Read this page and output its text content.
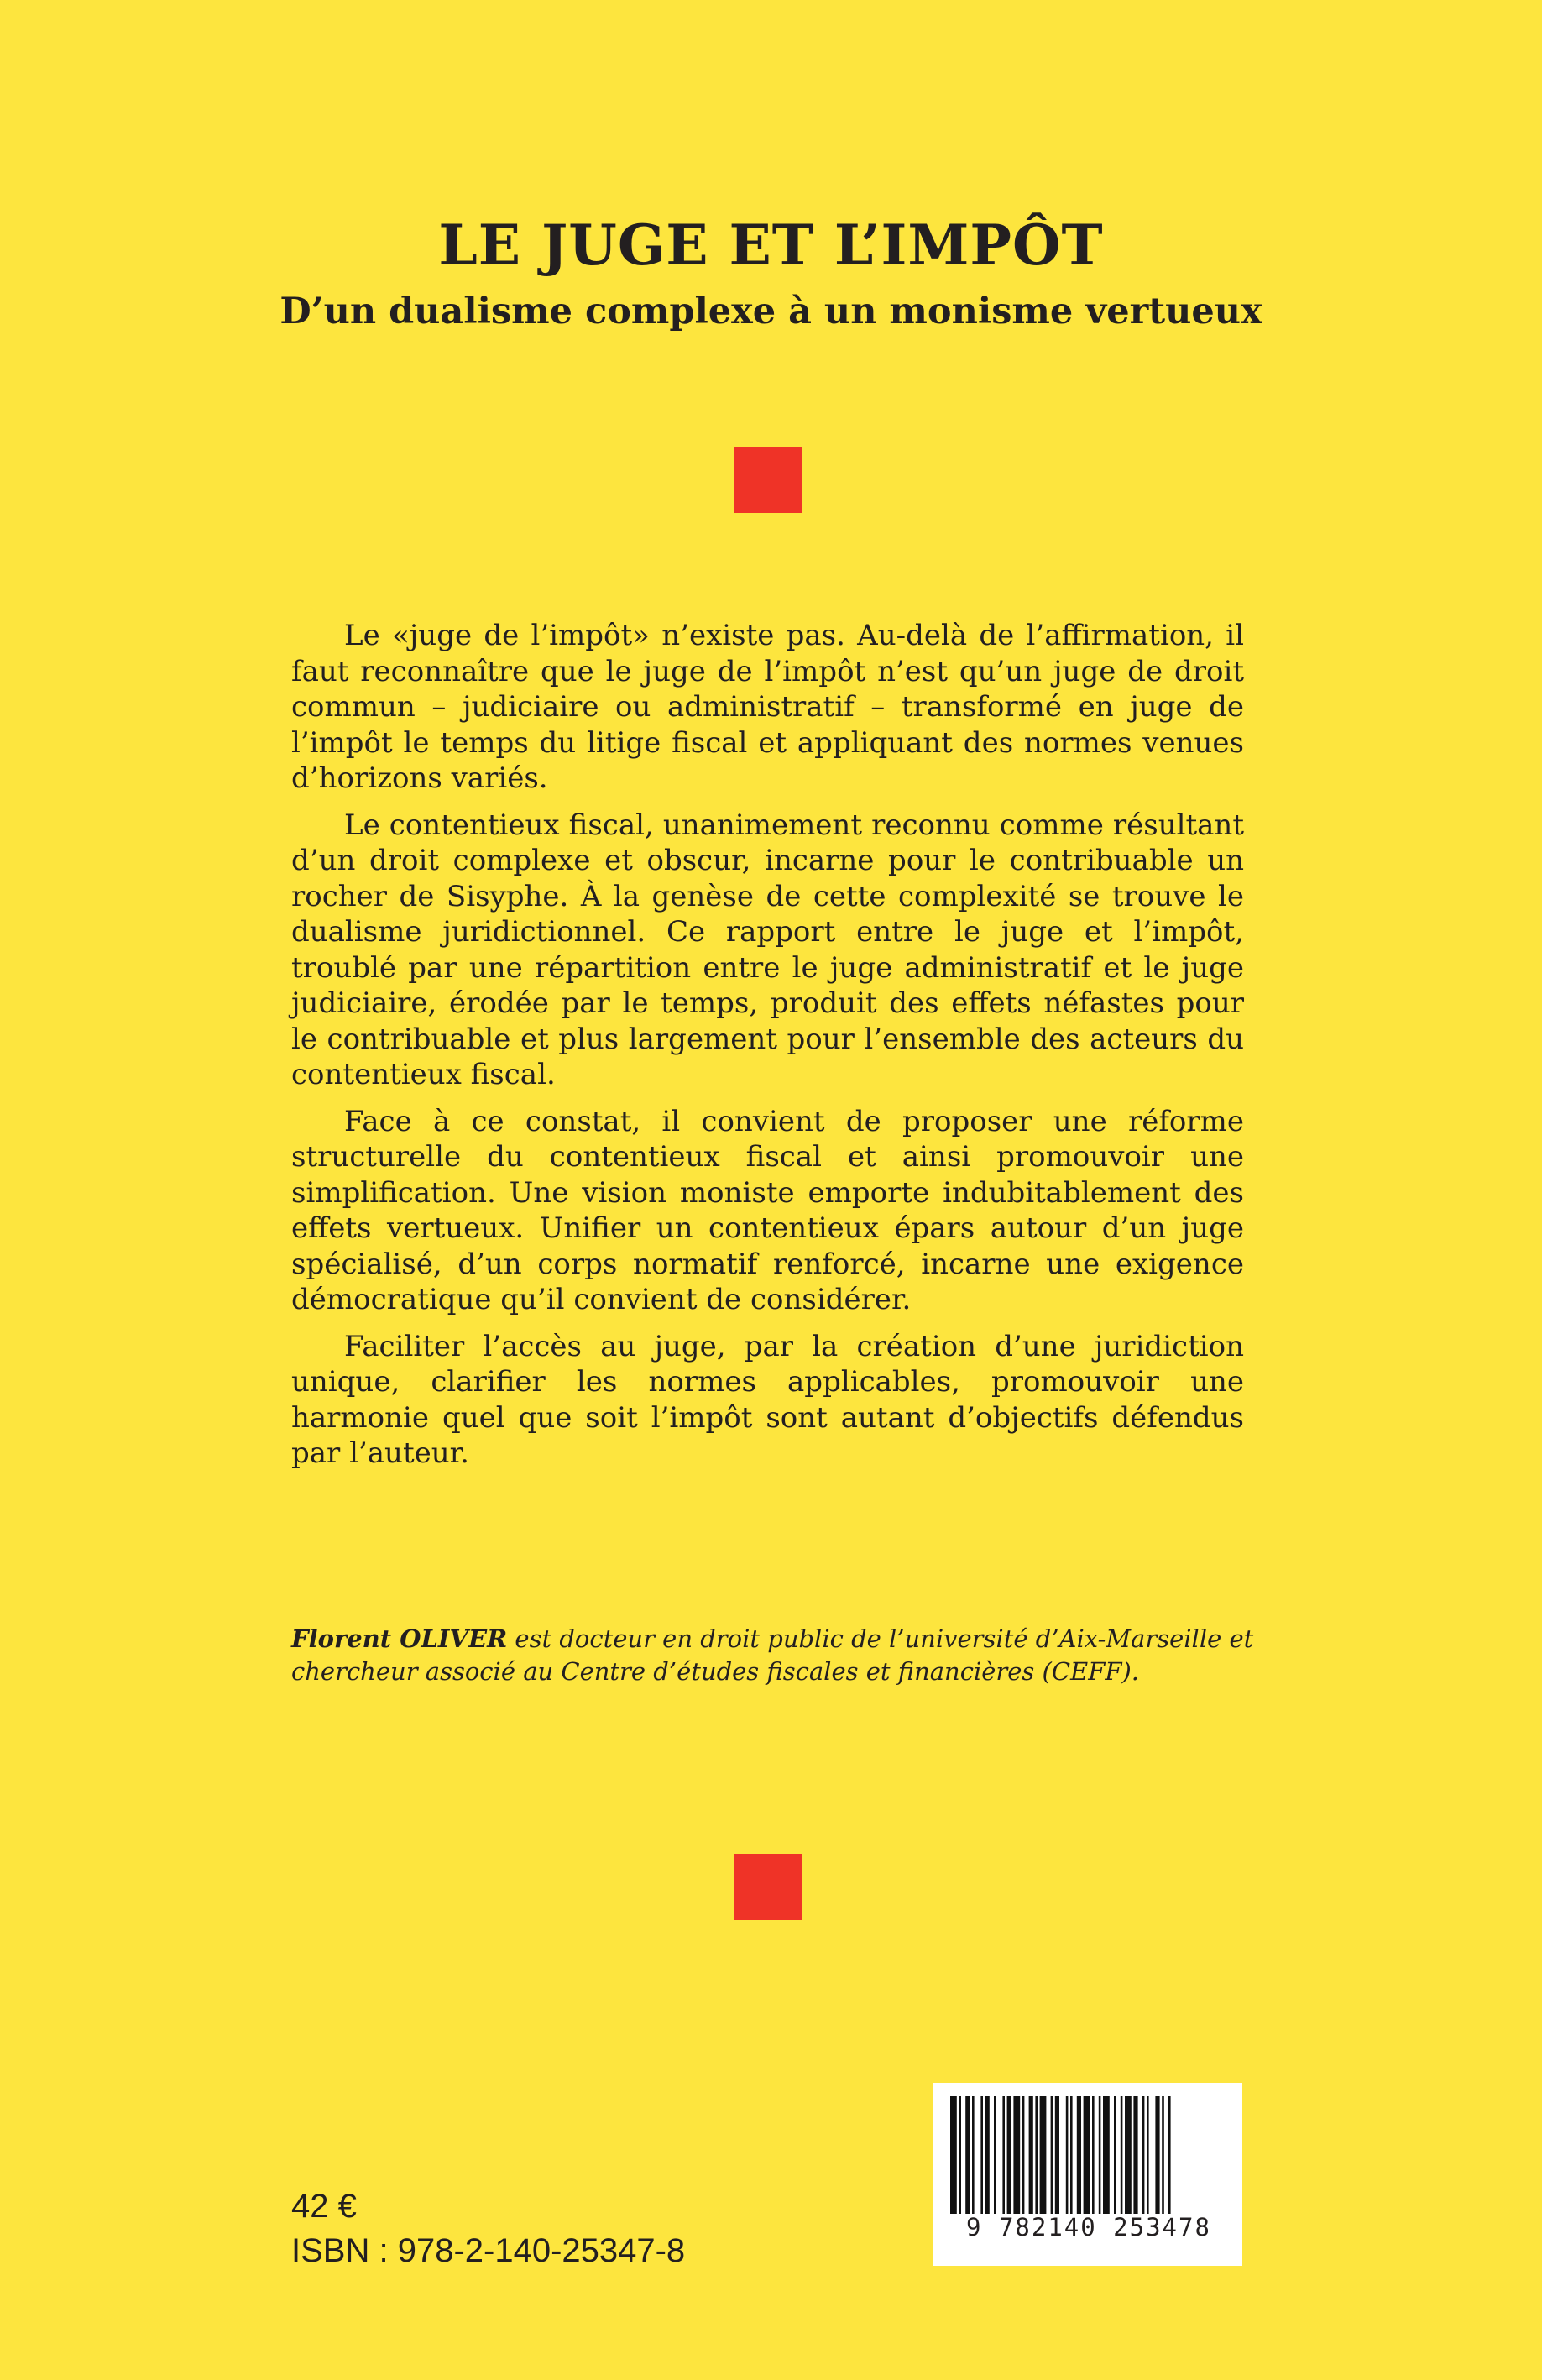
LE JUGE ET L’IMPÔT
D’un dualisme complexe à un monisme vertueux

Le «juge de l’impôt» n’existe pas. Au-delà de l’affirmation, il faut reconnaître que le juge de l’impôt n’est qu’un juge de droit commun – judiciaire ou administratif – transformé en juge de l’impôt le temps du litige fiscal et appliquant des normes venues d’horizons variés.

Le contentieux fiscal, unanimement reconnu comme résultant d’un droit complexe et obscur, incarne pour le contribuable un rocher de Sisyphe. À la genèse de cette complexité se trouve le dualisme juridictionnel. Ce rapport entre le juge et l’impôt, troublé par une répartition entre le juge administratif et le juge judiciaire, érodée par le temps, produit des effets néfastes pour le contribuable et plus largement pour l’ensemble des acteurs du contentieux fiscal.

Face à ce constat, il convient de proposer une réforme structurelle du contentieux fiscal et ainsi promouvoir une simplification. Une vision moniste emporte indubitablement des effets vertueux. Unifier un contentieux épars autour d’un juge spécialisé, d’un corps normatif renforcé, incarne une exigence démocratique qu’il convient de considérer.

Faciliter l’accès au juge, par la création d’une juridiction unique, clarifier les normes applicables, promouvoir une harmonie quel que soit l’impôt sont autant d’objectifs défendus par l’auteur.

Florent OLIVER est docteur en droit public de l’université d’Aix-Marseille et chercheur associé au Centre d’études fiscales et financières (CEFF).
42 €
ISBN : 978-2-140-25347-8
9 782140 253478
